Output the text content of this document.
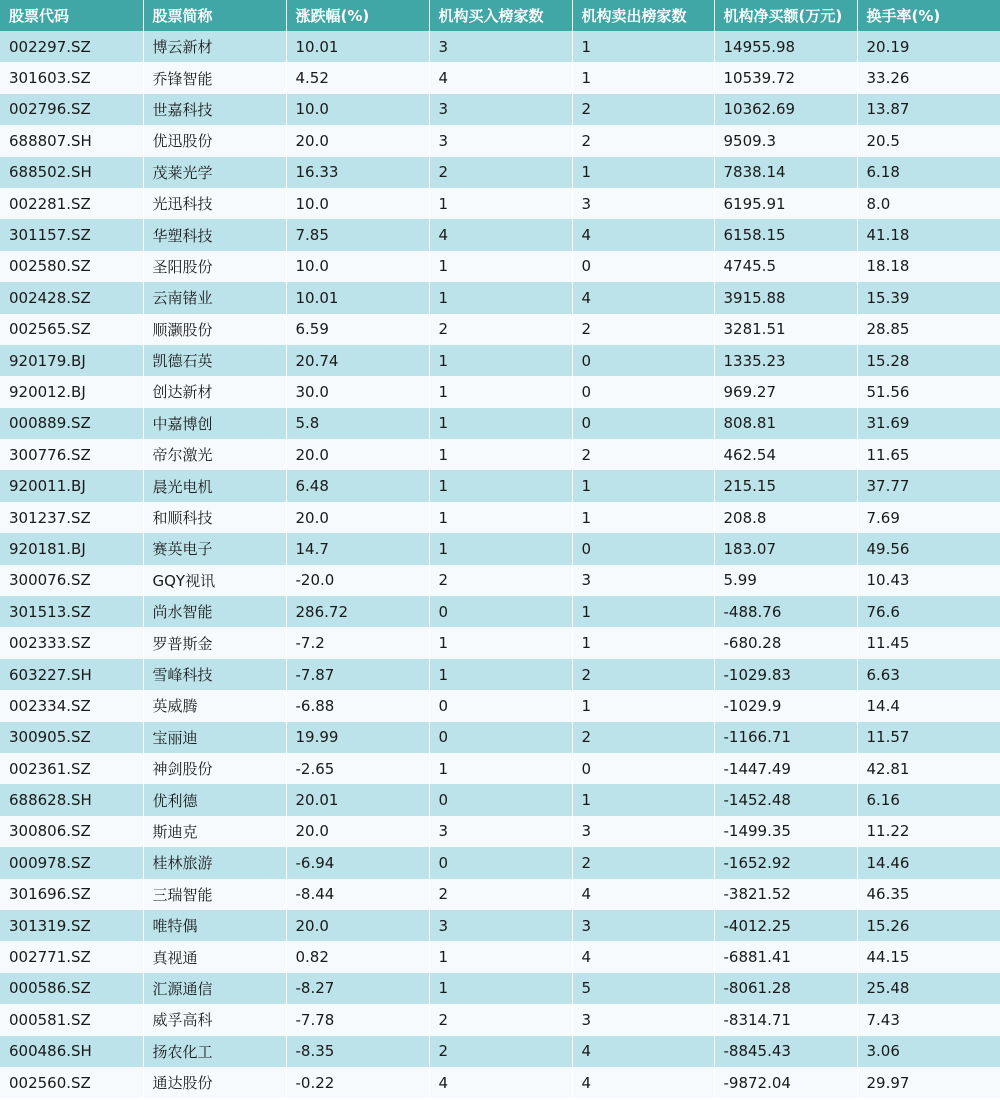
股票代码	股票简称	涨跌幅(%)	机构买入榜家数	机构卖出榜家数	机构净买额(万元)	换手率(%)
002297.SZ	博云新材	10.01	3	1	14955.98	20.19
301603.SZ	乔锋智能	4.52	4	1	10539.72	33.26
002796.SZ	世嘉科技	10.0	3	2	10362.69	13.87
688807.SH	优迅股份	20.0	3	2	9509.3	20.5
688502.SH	茂莱光学	16.33	2	1	7838.14	6.18
002281.SZ	光迅科技	10.0	1	3	6195.91	8.0
301157.SZ	华塑科技	7.85	4	4	6158.15	41.18
002580.SZ	圣阳股份	10.0	1	0	4745.5	18.18
002428.SZ	云南锗业	10.01	1	4	3915.88	15.39
002565.SZ	顺灏股份	6.59	2	2	3281.51	28.85
920179.BJ	凯德石英	20.74	1	0	1335.23	15.28
920012.BJ	创达新材	30.0	1	0	969.27	51.56
000889.SZ	中嘉博创	5.8	1	0	808.81	31.69
300776.SZ	帝尔激光	20.0	1	2	462.54	11.65
920011.BJ	晨光电机	6.48	1	1	215.15	37.77
301237.SZ	和顺科技	20.0	1	1	208.8	7.69
920181.BJ	赛英电子	14.7	1	0	183.07	49.56
300076.SZ	GQY视讯	-20.0	2	3	5.99	10.43
301513.SZ	尚水智能	286.72	0	1	-488.76	76.6
002333.SZ	罗普斯金	-7.2	1	1	-680.28	11.45
603227.SH	雪峰科技	-7.87	1	2	-1029.83	6.63
002334.SZ	英威腾	-6.88	0	1	-1029.9	14.4
300905.SZ	宝丽迪	19.99	0	2	-1166.71	11.57
002361.SZ	神剑股份	-2.65	1	0	-1447.49	42.81
688628.SH	优利德	20.01	0	1	-1452.48	6.16
300806.SZ	斯迪克	20.0	3	3	-1499.35	11.22
000978.SZ	桂林旅游	-6.94	0	2	-1652.92	14.46
301696.SZ	三瑞智能	-8.44	2	4	-3821.52	46.35
301319.SZ	唯特偶	20.0	3	3	-4012.25	15.26
002771.SZ	真视通	0.82	1	4	-6881.41	44.15
000586.SZ	汇源通信	-8.27	1	5	-8061.28	25.48
000581.SZ	威孚高科	-7.78	2	3	-8314.71	7.43
600486.SH	扬农化工	-8.35	2	4	-8845.43	3.06
002560.SZ	通达股份	-0.22	4	4	-9872.04	29.97
